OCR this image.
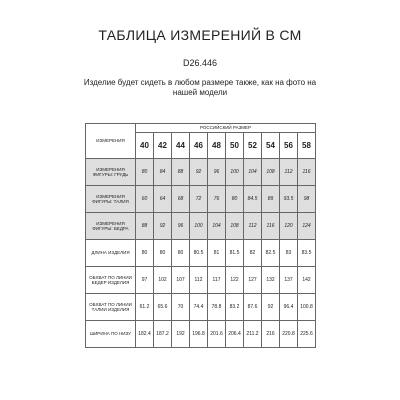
ТАБЛИЦА ИЗМЕРЕНИЙ В СМ
D26.446
Изделие будет сидеть в любом размере также, как на фото на нашей модели
ИЗМЕРЕНИЯ	РОССИЙСКИЙ РАЗМЕР									
	40	42	44	46	48	50	52	54	56	58
ИЗМЕРЕНИЯ ФИГУРЫ: ГРУДЬ	80	84	88	92	96	100	104	108	112	116
ИЗМЕРЕНИЯ ФИГУРЫ: ТАЛИЯ	60	64	68	72	76	80	84.5	89	93.5	98
ИЗМЕРЕНИЯ ФИГУРЫ: БЕДРА	88	92	96	100	104	108	112	116	120	124
ДЛИНА ИЗДЕЛИЯ	80	80	80	80.5	81	81.5	82	82.5	83	83.5
ОБХВАТ ПО ЛИНИИ БЕДЕР ИЗДЕЛИЯ	97	102	107	112	117	122	127	132	137	142
ОБХВАТ ПО ЛИНИИ ТАЛИИ ИЗДЕЛИЯ	61.2	65.6	70	74.4	78.8	83.2	87.6	92	96.4	100.8
ШИРИНА ПО НИЗУ	182.4	187.2	192	196.8	201.6	206.4	211.2	216	220.8	225.6
